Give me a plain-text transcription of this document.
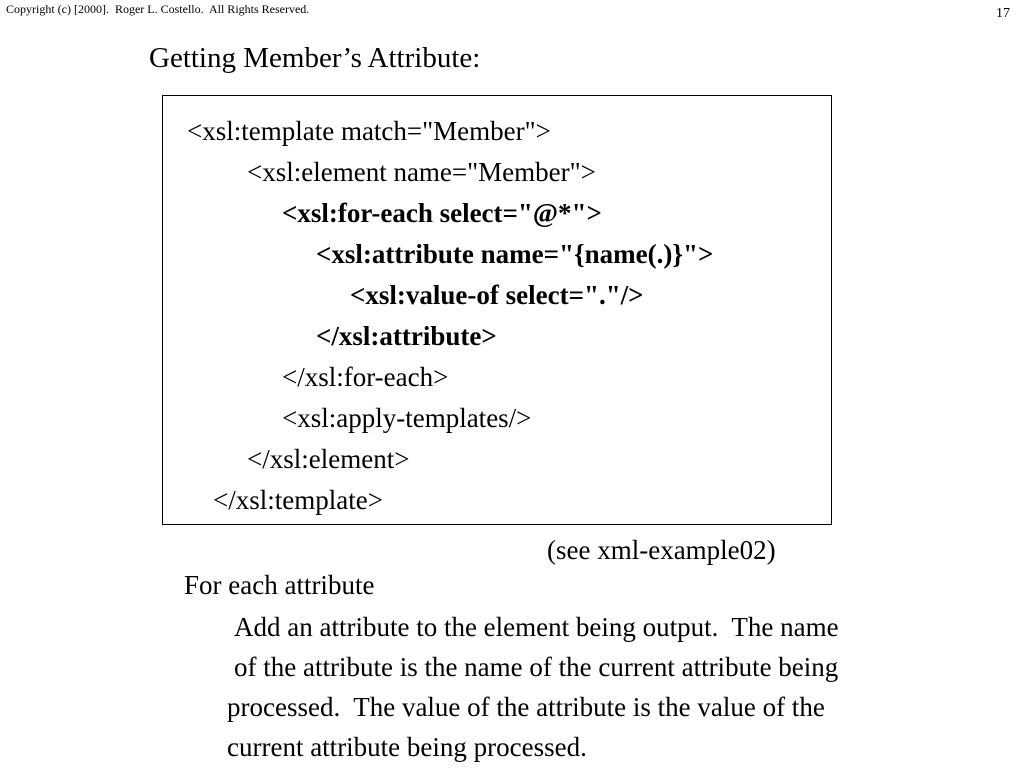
Copyright (c) [2000].  Roger L. Costello.  All Rights Reserved.	17
Getting Member’s Attribute:
<xsl:template match="Member">
<xsl:element name="Member">
<xsl:for-each select="@*">
<xsl:attribute name="{name(.)}">
<xsl:value-of select="."/>
</xsl:attribute>
</xsl:for-each>
<xsl:apply-templates/>
</xsl:element>
</xsl:template>
(see xml-example02)
For each attribute
Add an attribute to the element being output.  The name
of the attribute is the name of the current attribute being
processed.  The value of the attribute is the value of the
current attribute being processed.
